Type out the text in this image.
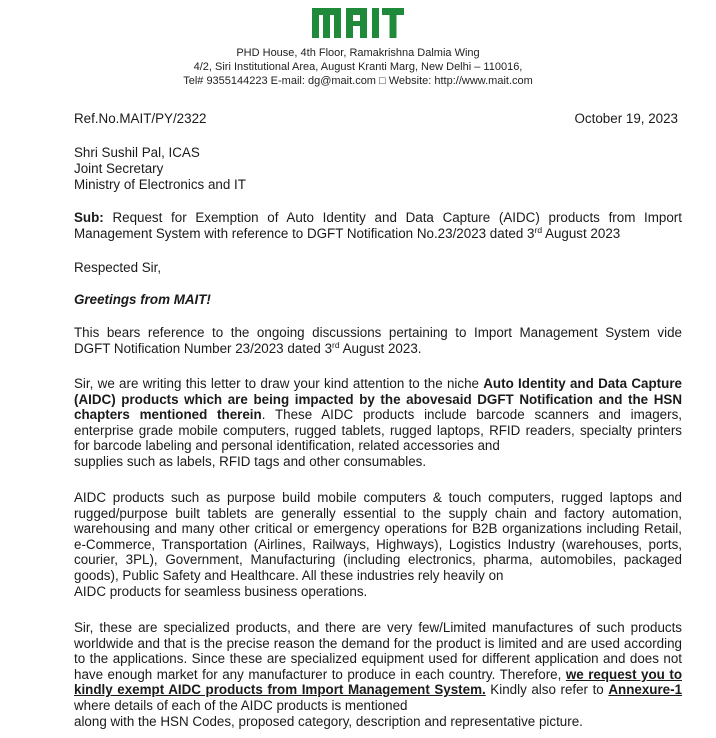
PHD House, 4th Floor, Ramakrishna Dalmia Wing
4/2, Siri Institutional Area, August Kranti Marg, New Delhi – 110016,
Tel# 9355144223 E-mail: dg@mait.com □ Website: http://www.mait.com
Ref.No.MAIT/PY/2322	October 19, 2023
Shri Sushil Pal, ICAS
Joint Secretary
Ministry of Electronics and IT
Sub: Request for Exemption of Auto Identity and Data Capture (AIDC) products from Import
Management System with reference to DGFT Notification No.23/2023 dated 3rd August 2023
Respected Sir,
Greetings from MAIT!
This bears reference to the ongoing discussions pertaining to Import Management System vide
DGFT Notification Number 23/2023 dated 3rd August 2023.
Sir, we are writing this letter to draw your kind attention to the niche Auto Identity and Data Capture (AIDC) products which are being impacted by the abovesaid DGFT Notification and the HSN chapters mentioned therein. These AIDC products include barcode scanners and imagers, enterprise grade mobile computers, rugged tablets, rugged laptops, RFID readers, specialty printers for barcode labeling and personal identification, related accessories and
supplies such as labels, RFID tags and other consumables.
AIDC products such as purpose build mobile computers & touch computers, rugged laptops and rugged/purpose built tablets are generally essential to the supply chain and factory automation, warehousing and many other critical or emergency operations for B2B organizations including Retail, e-Commerce, Transportation (Airlines, Railways, Highways), Logistics Industry (warehouses, ports, courier, 3PL), Government, Manufacturing (including electronics, pharma, automobiles, packaged goods), Public Safety and Healthcare. All these industries rely heavily on
AIDC products for seamless business operations.
Sir, these are specialized products, and there are very few/Limited manufactures of such products worldwide and that is the precise reason the demand for the product is limited and are used according to the applications. Since these are specialized equipment used for different application and does not have enough market for any manufacturer to produce in each country. Therefore, we request you to kindly exempt AIDC products from Import Management System. Kindly also refer to Annexure-1 where details of each of the AIDC products is mentioned
along with the HSN Codes, proposed category, description and representative picture.
